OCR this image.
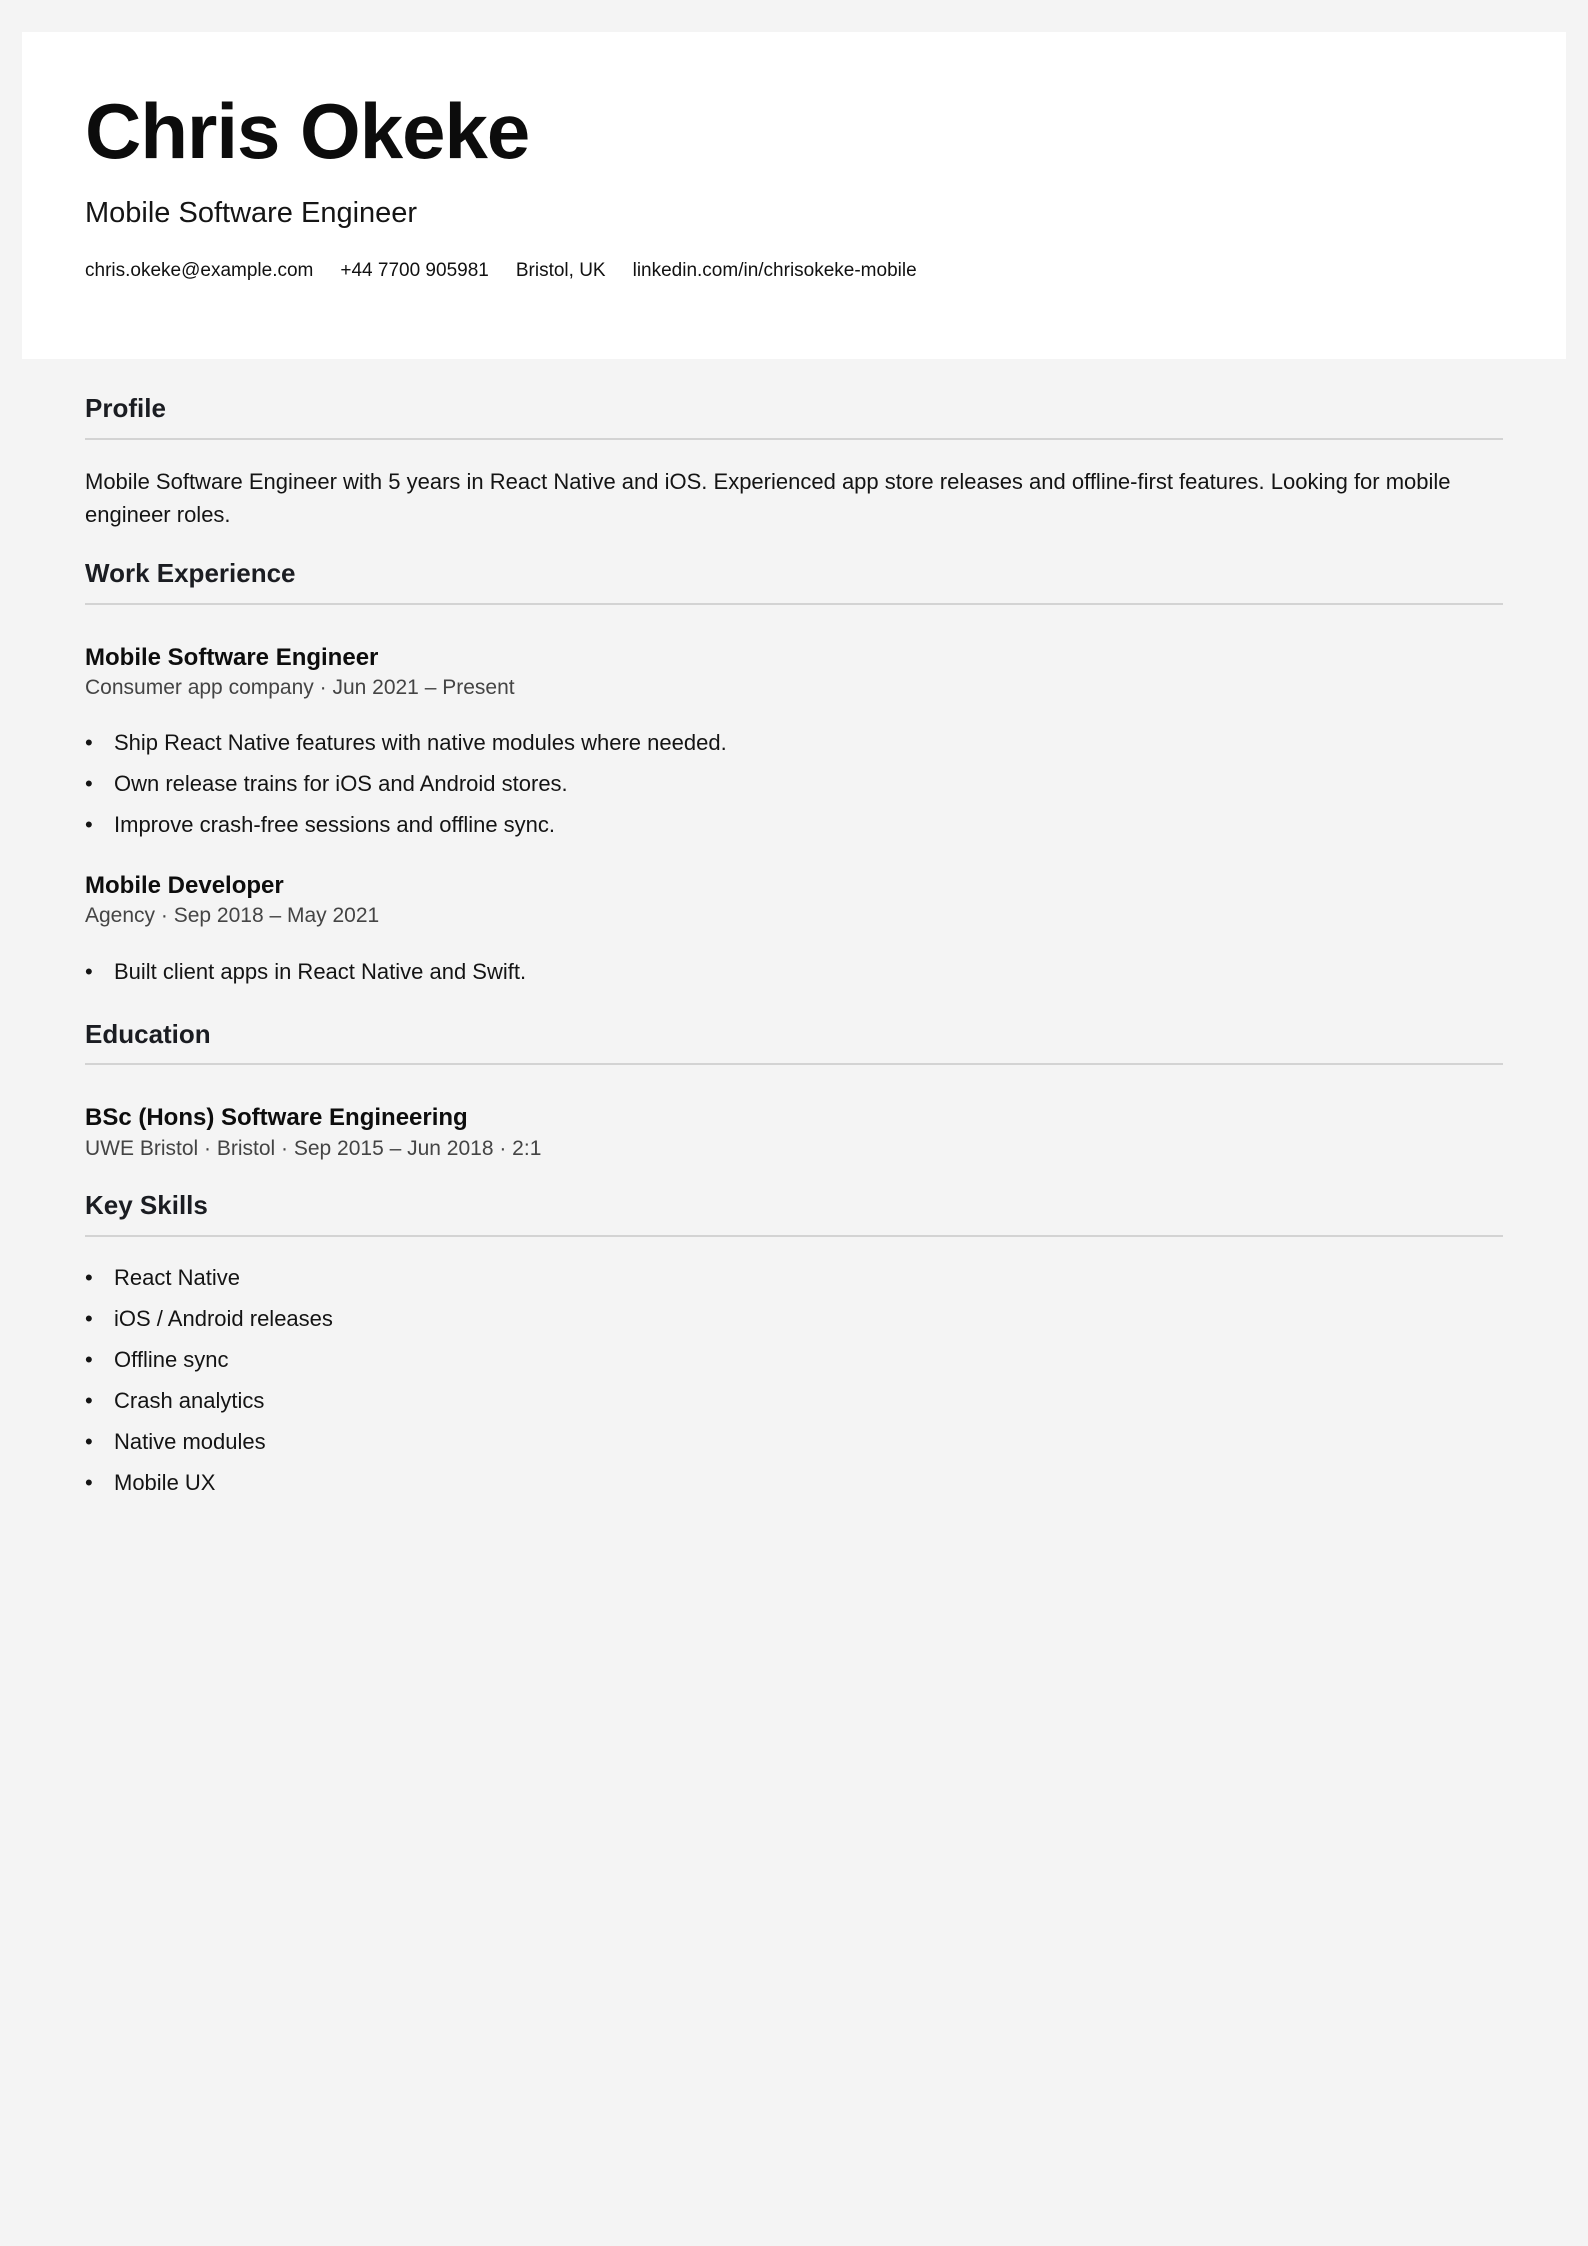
Chris Okeke

Mobile Software Engineer

chris.okeke@example.com +44 7700 905981 Bristol, UK linkedin.com/in/chrisokeke-mobile
Profile

Mobile Software Engineer with 5 years in React Native and iOS. Experienced app store releases and offline-first features. Looking for mobile engineer roles.

Work Experience
Mobile Software Engineer

Consumer app company · Jun 2021 – Present

• Ship React Native features with native modules where needed.
• Own release trains for iOS and Android stores.
• Improve crash-free sessions and offline sync.
Mobile Developer

Agency · Sep 2018 – May 2021

• Built client apps in React Native and Swift.
Education
BSc (Hons) Software Engineering

UWE Bristol · Bristol · Sep 2015 – Jun 2018 · 2:1

Key Skills
• React Native
• iOS / Android releases
• Offline sync
• Crash analytics
• Native modules
• Mobile UX
